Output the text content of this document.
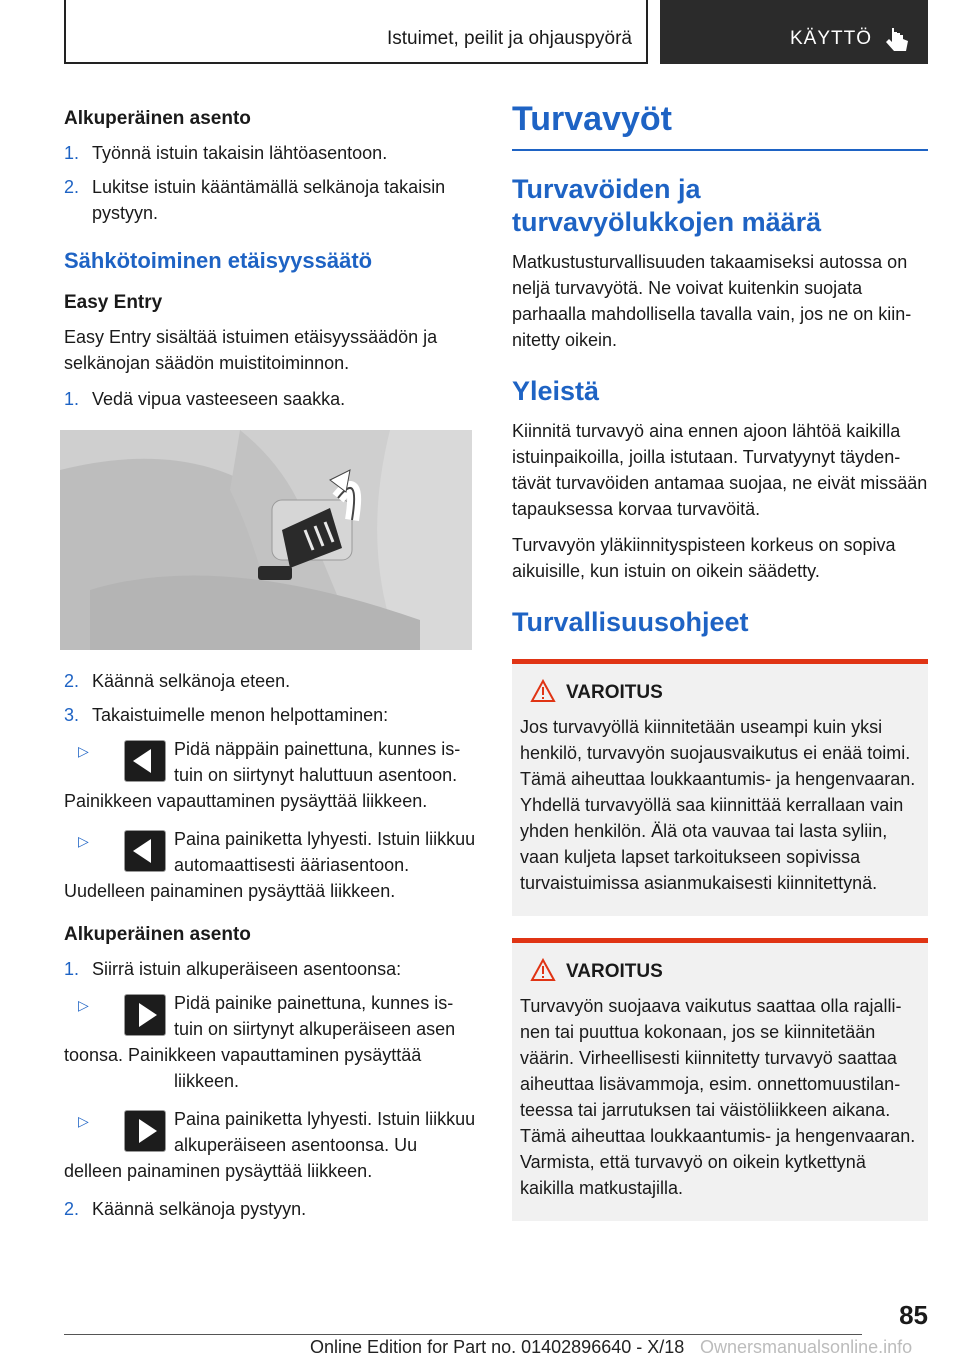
Istuimet, peilit ja ohjauspyörä	KÄYTTÖ
Alkuperäinen asento
1. Työnnä istuin takaisin lähtöasentoon.
2. Lukitse istuin kääntämällä selkänoja takaisin pystyyn.
Sähkötoiminen etäisyyssäätö
Easy Entry
Easy Entry sisältää istuimen etäisyyssäädön ja selkänojan säädön muistitoiminnon.
1. Vedä vipua vasteeseen saakka.
2. Käännä selkänoja eteen.
3. Takaistuimelle menon helpottaminen:
▷	Pidä näppäin painettuna, kunnes istuin on siirtynyt haluttuun asentoon.
Painikkeen vapauttaminen pysäyttää liikkeen.
▷	Paina painiketta lyhyesti. Istuin liikkuu automaattisesti ääriasentoon.
Uudelleen painaminen pysäyttää liikkeen.
Alkuperäinen asento
1. Siirrä istuin alkuperäiseen asentoonsa:
▷	Pidä painike painettuna, kunnes istuin on siirtynyt alkuperäiseen asen
toonsa. Painikkeen vapauttaminen pysäyttää liikkeen.
▷	Paina painiketta lyhyesti. Istuin liikkuu alkuperäiseen asentoonsa. Uu
delleen painaminen pysäyttää liikkeen.
2. Käännä selkänoja pystyyn.
Turvavyöt
Turvavöiden ja turvavyölukkojen määrä
Matkustusturvallisuuden takaamiseksi autossa on neljä turvavyötä. Ne voivat kuitenkin suojata parhaalla mahdollisella tavalla vain, jos ne on kiinnitetty oikein.
Yleistä
Kiinnitä turvavyö aina ennen ajoon lähtöä kaikilla istuinpaikoilla, joilla istutaan. Turvatyynyt täydentävät turvavöiden antamaa suojaa, ne eivät missään tapauksessa korvaa turvavöitä.
Turvavyön yläkiinnityspisteen korkeus on sopiva aikuisille, kun istuin on oikein säädetty.
Turvallisuusohjeet
VAROITUS
Jos turvavyöllä kiinnitetään useampi kuin yksi henkilö, turvavyön suojausvaikutus ei enää toimi. Tämä aiheuttaa loukkaantumis- ja hengenvaaran. Yhdellä turvavyöllä saa kiinnittää kerrallaan vain yhden henkilön. Älä ota vauvaa tai lasta syliin, vaan kuljeta lapset tarkoitukseen sopivissa turvaistuimissa asianmukaisesti kiinnitettynä.
VAROITUS
Turvavyön suojaava vaikutus saattaa olla rajallinen tai puuttua kokonaan, jos se kiinnitetään väärin. Virheellisesti kiinnitetty turvavyö saattaa aiheuttaa lisävammoja, esim. onnettomuustilanteessa tai jarrutuksen tai väistöliikkeen aikana. Tämä aiheuttaa loukkaantumis- ja hengenvaaran. Varmista, että turvavyö on oikein kytkettynä kaikilla matkustajilla.
85
Online Edition for Part no. 01402896640 - X/18 Ownersmanualsonline.info
